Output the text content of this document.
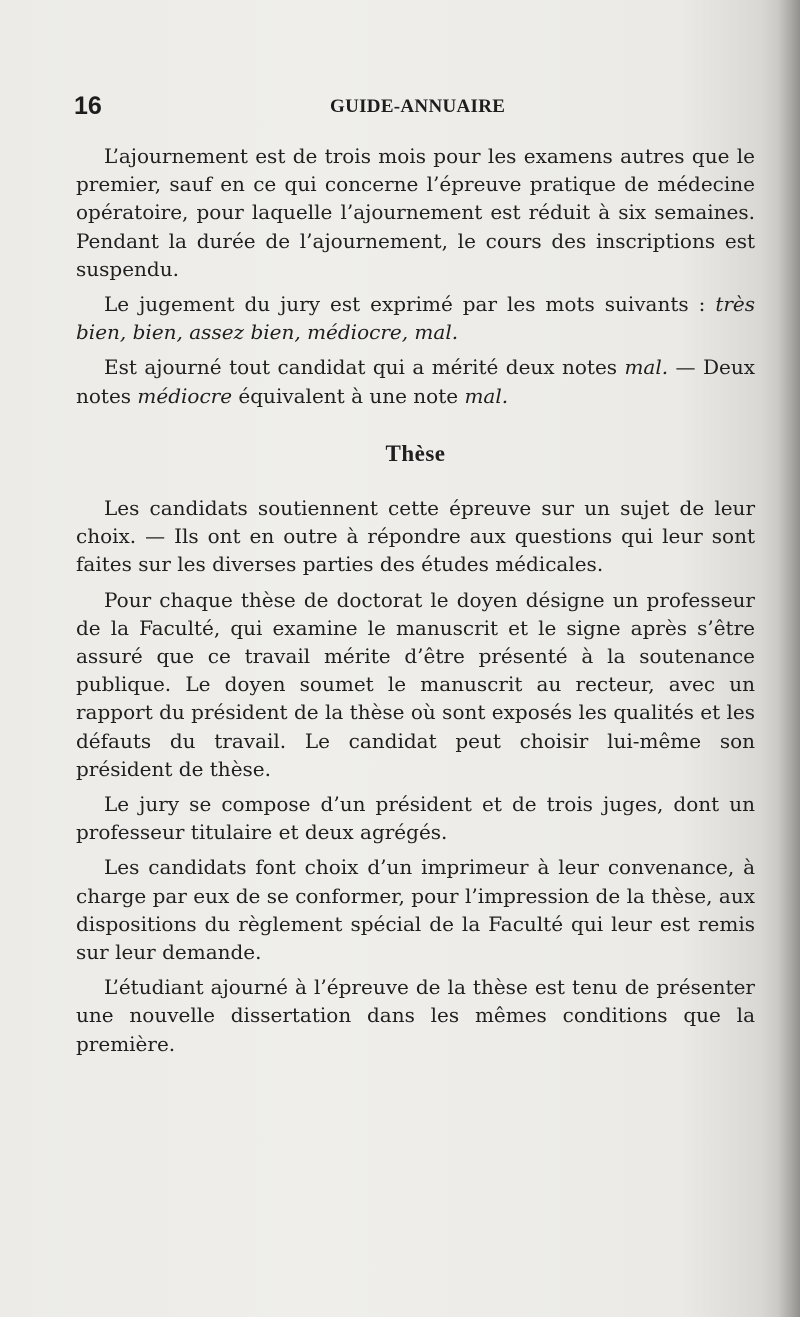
16	GUIDE-ANNUAIRE

L’ajournement est de trois mois pour les examens autres que le premier, sauf en ce qui concerne l’épreuve pratique de médecine opératoire, pour laquelle l’ajournement est réduit à six semaines. Pendant la durée de l’ajournement, le cours des inscriptions est suspendu.

Le jugement du jury est exprimé par les mots suivants : très bien, bien, assez bien, médiocre, mal.

Est ajourné tout candidat qui a mérité deux notes mal. — Deux notes médiocre équivalent à une note mal.

Thèse

Les candidats soutiennent cette épreuve sur un sujet de leur choix. — Ils ont en outre à répondre aux questions qui leur sont faites sur les diverses parties des études médicales.

Pour chaque thèse de doctorat le doyen désigne un professeur de la Faculté, qui examine le manuscrit et le signe après s’être assuré que ce travail mérite d’être présenté à la soutenance publique. Le doyen soumet le manuscrit au recteur, avec un rapport du président de la thèse où sont exposés les qualités et les défauts du travail. Le candidat peut choisir lui-même son président de thèse.

Le jury se compose d’un président et de trois juges, dont un professeur titulaire et deux agrégés.

Les candidats font choix d’un imprimeur à leur convenance, à charge par eux de se conformer, pour l’impression de la thèse, aux dispositions du règlement spécial de la Faculté qui leur est remis sur leur demande.

L’étudiant ajourné à l’épreuve de la thèse est tenu de présenter une nouvelle dissertation dans les mêmes conditions que la première.
